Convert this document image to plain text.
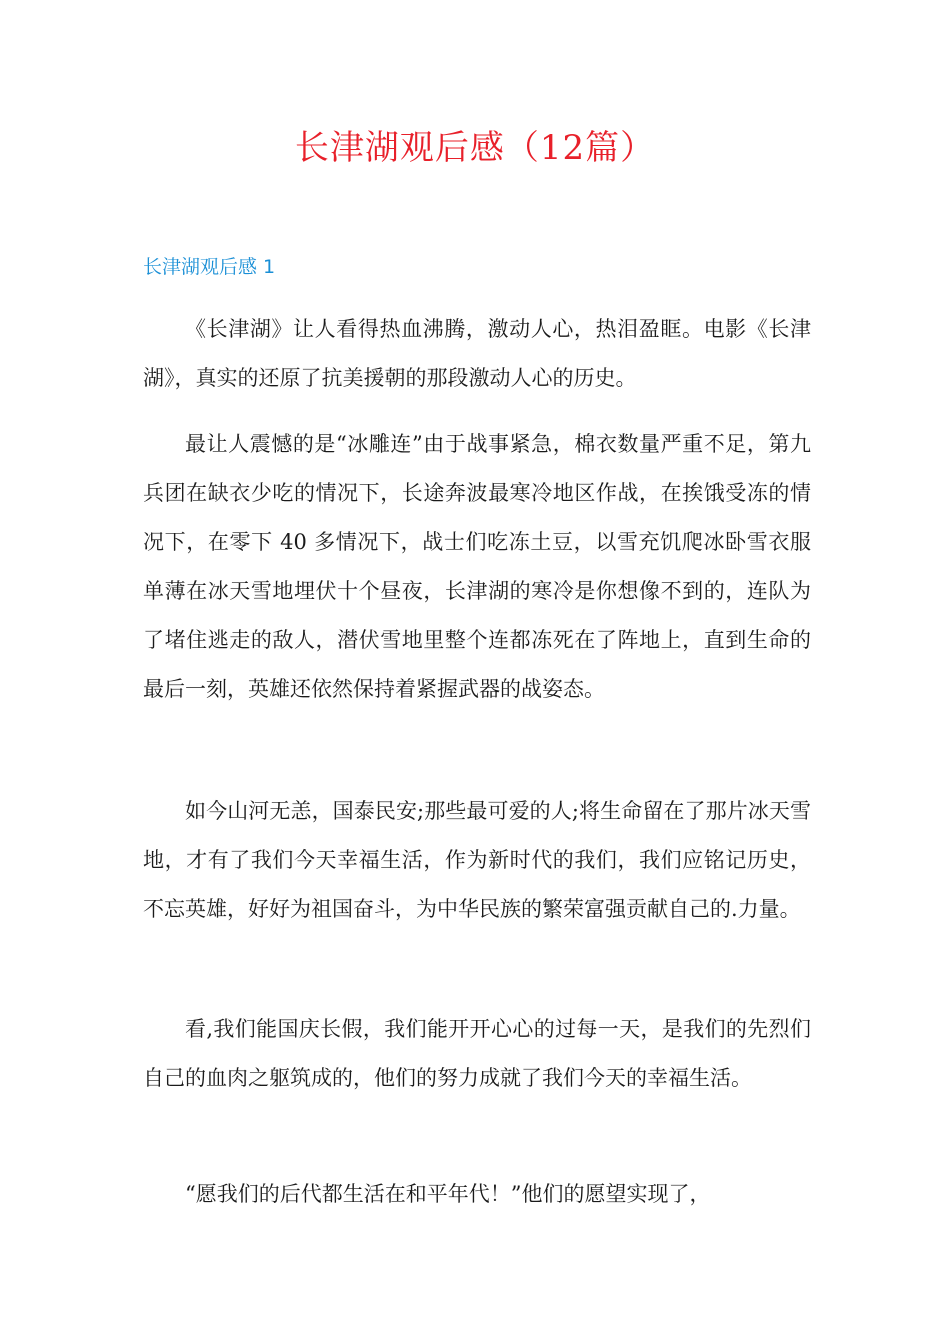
长津湖观后感（12篇）
长津湖观后感 1

《长津湖》让人看得热血沸腾，激动人心，热泪盈眶。电影《长津湖》，真实的还原了抗美援朝的那段激动人心的历史。

最让人震憾的是“冰雕连”由于战事紧急，棉衣数量严重不足，第九兵团在缺衣少吃的情况下，长途奔波最寒冷地区作战，在挨饿受冻的情况下，在零下 40 多情况下，战士们吃冻土豆，以雪充饥爬冰卧雪衣服单薄在冰天雪地埋伏十个昼夜，长津湖的寒冷是你想像不到的，连队为了堵住逃走的敌人，潜伏雪地里整个连都冻死在了阵地上，直到生命的最后一刻，英雄还依然保持着紧握武器的战姿态。

如今山河无恙，国泰民安;那些最可爱的人;将生命留在了那片冰天雪地，才有了我们今天幸福生活，作为新时代的我们，我们应铭记历史，不忘英雄，好好为祖国奋斗，为中华民族的繁荣富强贡献自己的.力量。

看,我们能国庆长假，我们能开开心心的过每一天，是我们的先烈们自己的血肉之躯筑成的，他们的努力成就了我们今天的幸福生活。

“愿我们的后代都生活在和平年代！”他们的愿望实现了，
